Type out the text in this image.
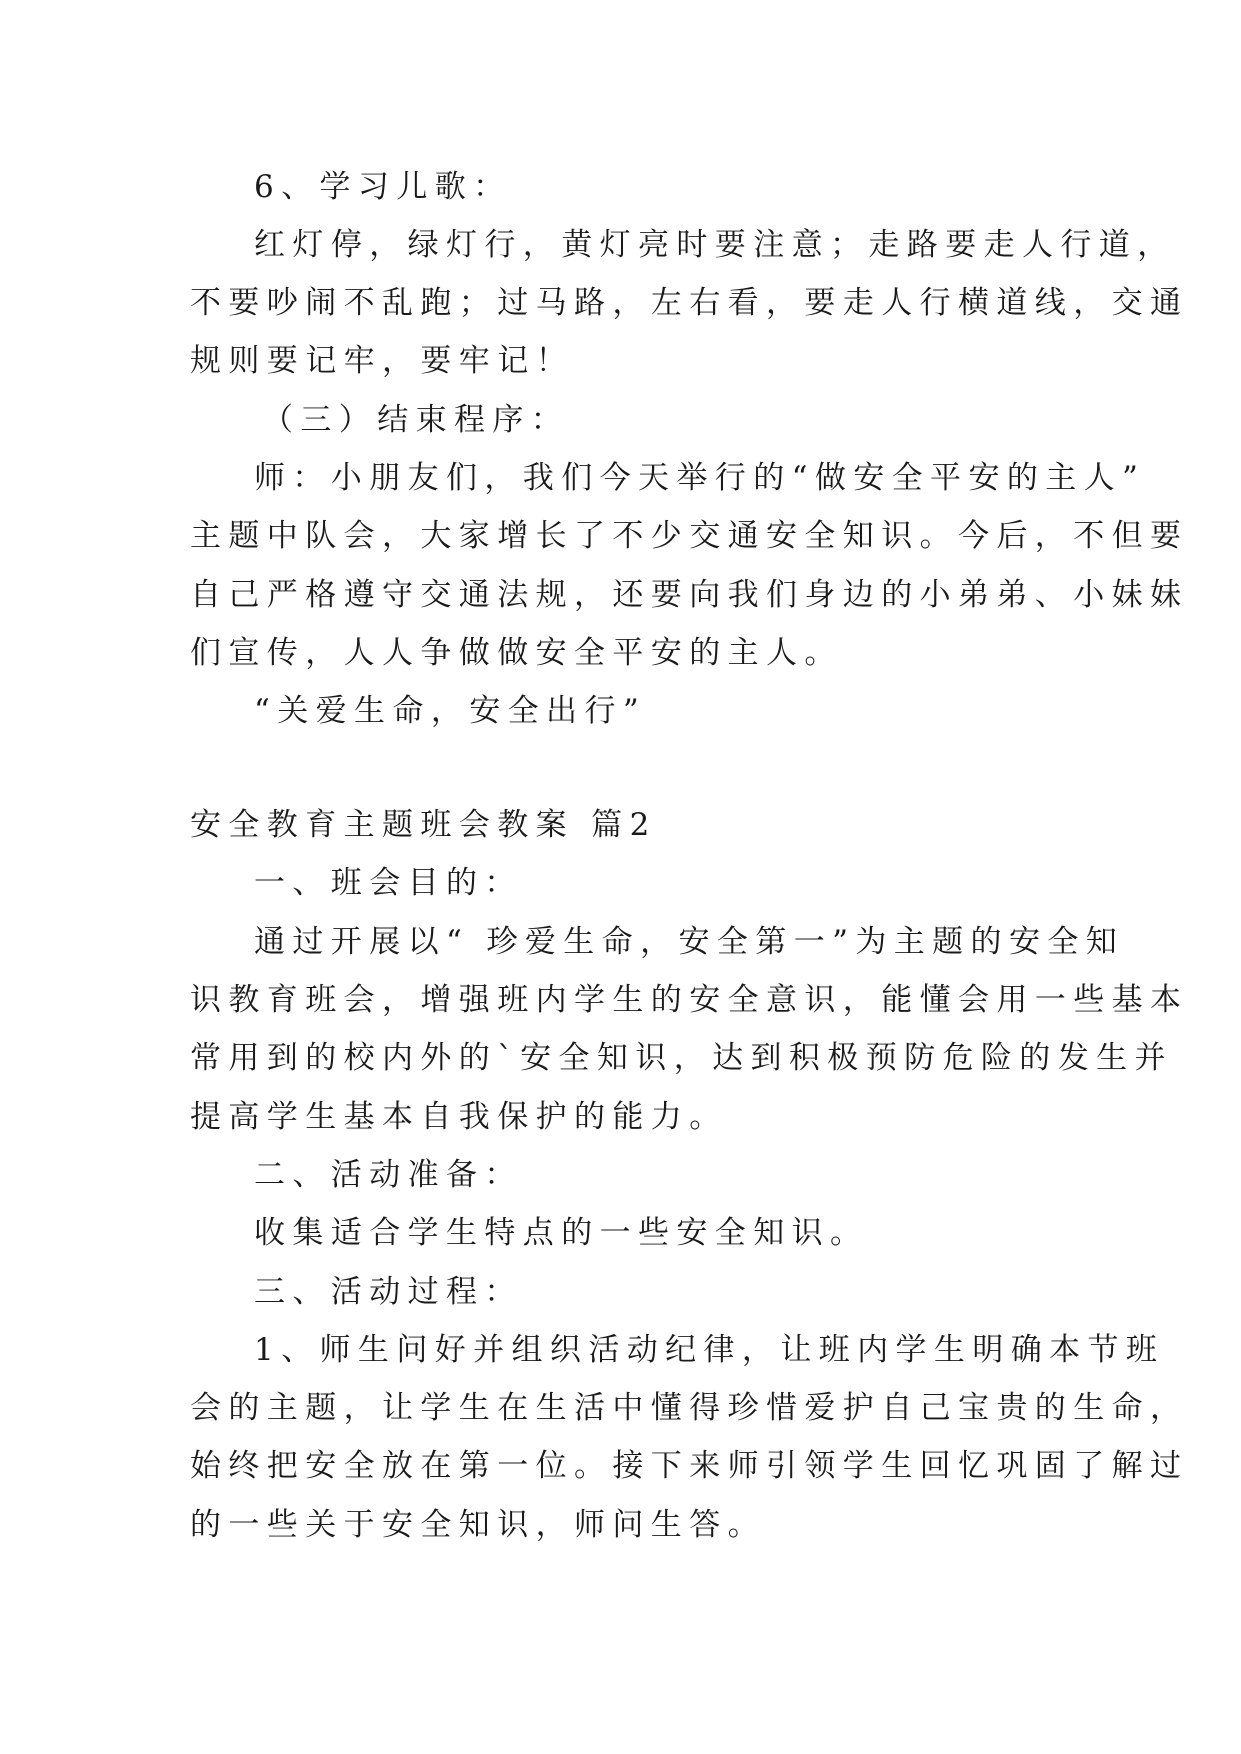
6、学习儿歌：
红灯停，绿灯行，黄灯亮时要注意；走路要走人行道，
不要吵闹不乱跑；过马路，左右看，要走人行横道线，交通
规则要记牢，要牢记！
（三）结束程序：
师：小朋友们，我们今天举行的“做安全平安的主人”
主题中队会，大家增长了不少交通安全知识。今后，不但要
自己严格遵守交通法规，还要向我们身边的小弟弟、小妹妹
们宣传，人人争做做安全平安的主人。
“关爱生命，安全出行”
安全教育主题班会教案 篇2
一、班会目的：
通过开展以“ 珍爱生命，安全第一”为主题的安全知
识教育班会，增强班内学生的安全意识，能懂会用一些基本
常用到的校内外的`安全知识，达到积极预防危险的发生并
提高学生基本自我保护的能力。
二、活动准备：
收集适合学生特点的一些安全知识。
三、活动过程：
1、师生问好并组织活动纪律，让班内学生明确本节班
会的主题，让学生在生活中懂得珍惜爱护自己宝贵的生命，
始终把安全放在第一位。接下来师引领学生回忆巩固了解过
的一些关于安全知识，师问生答。
